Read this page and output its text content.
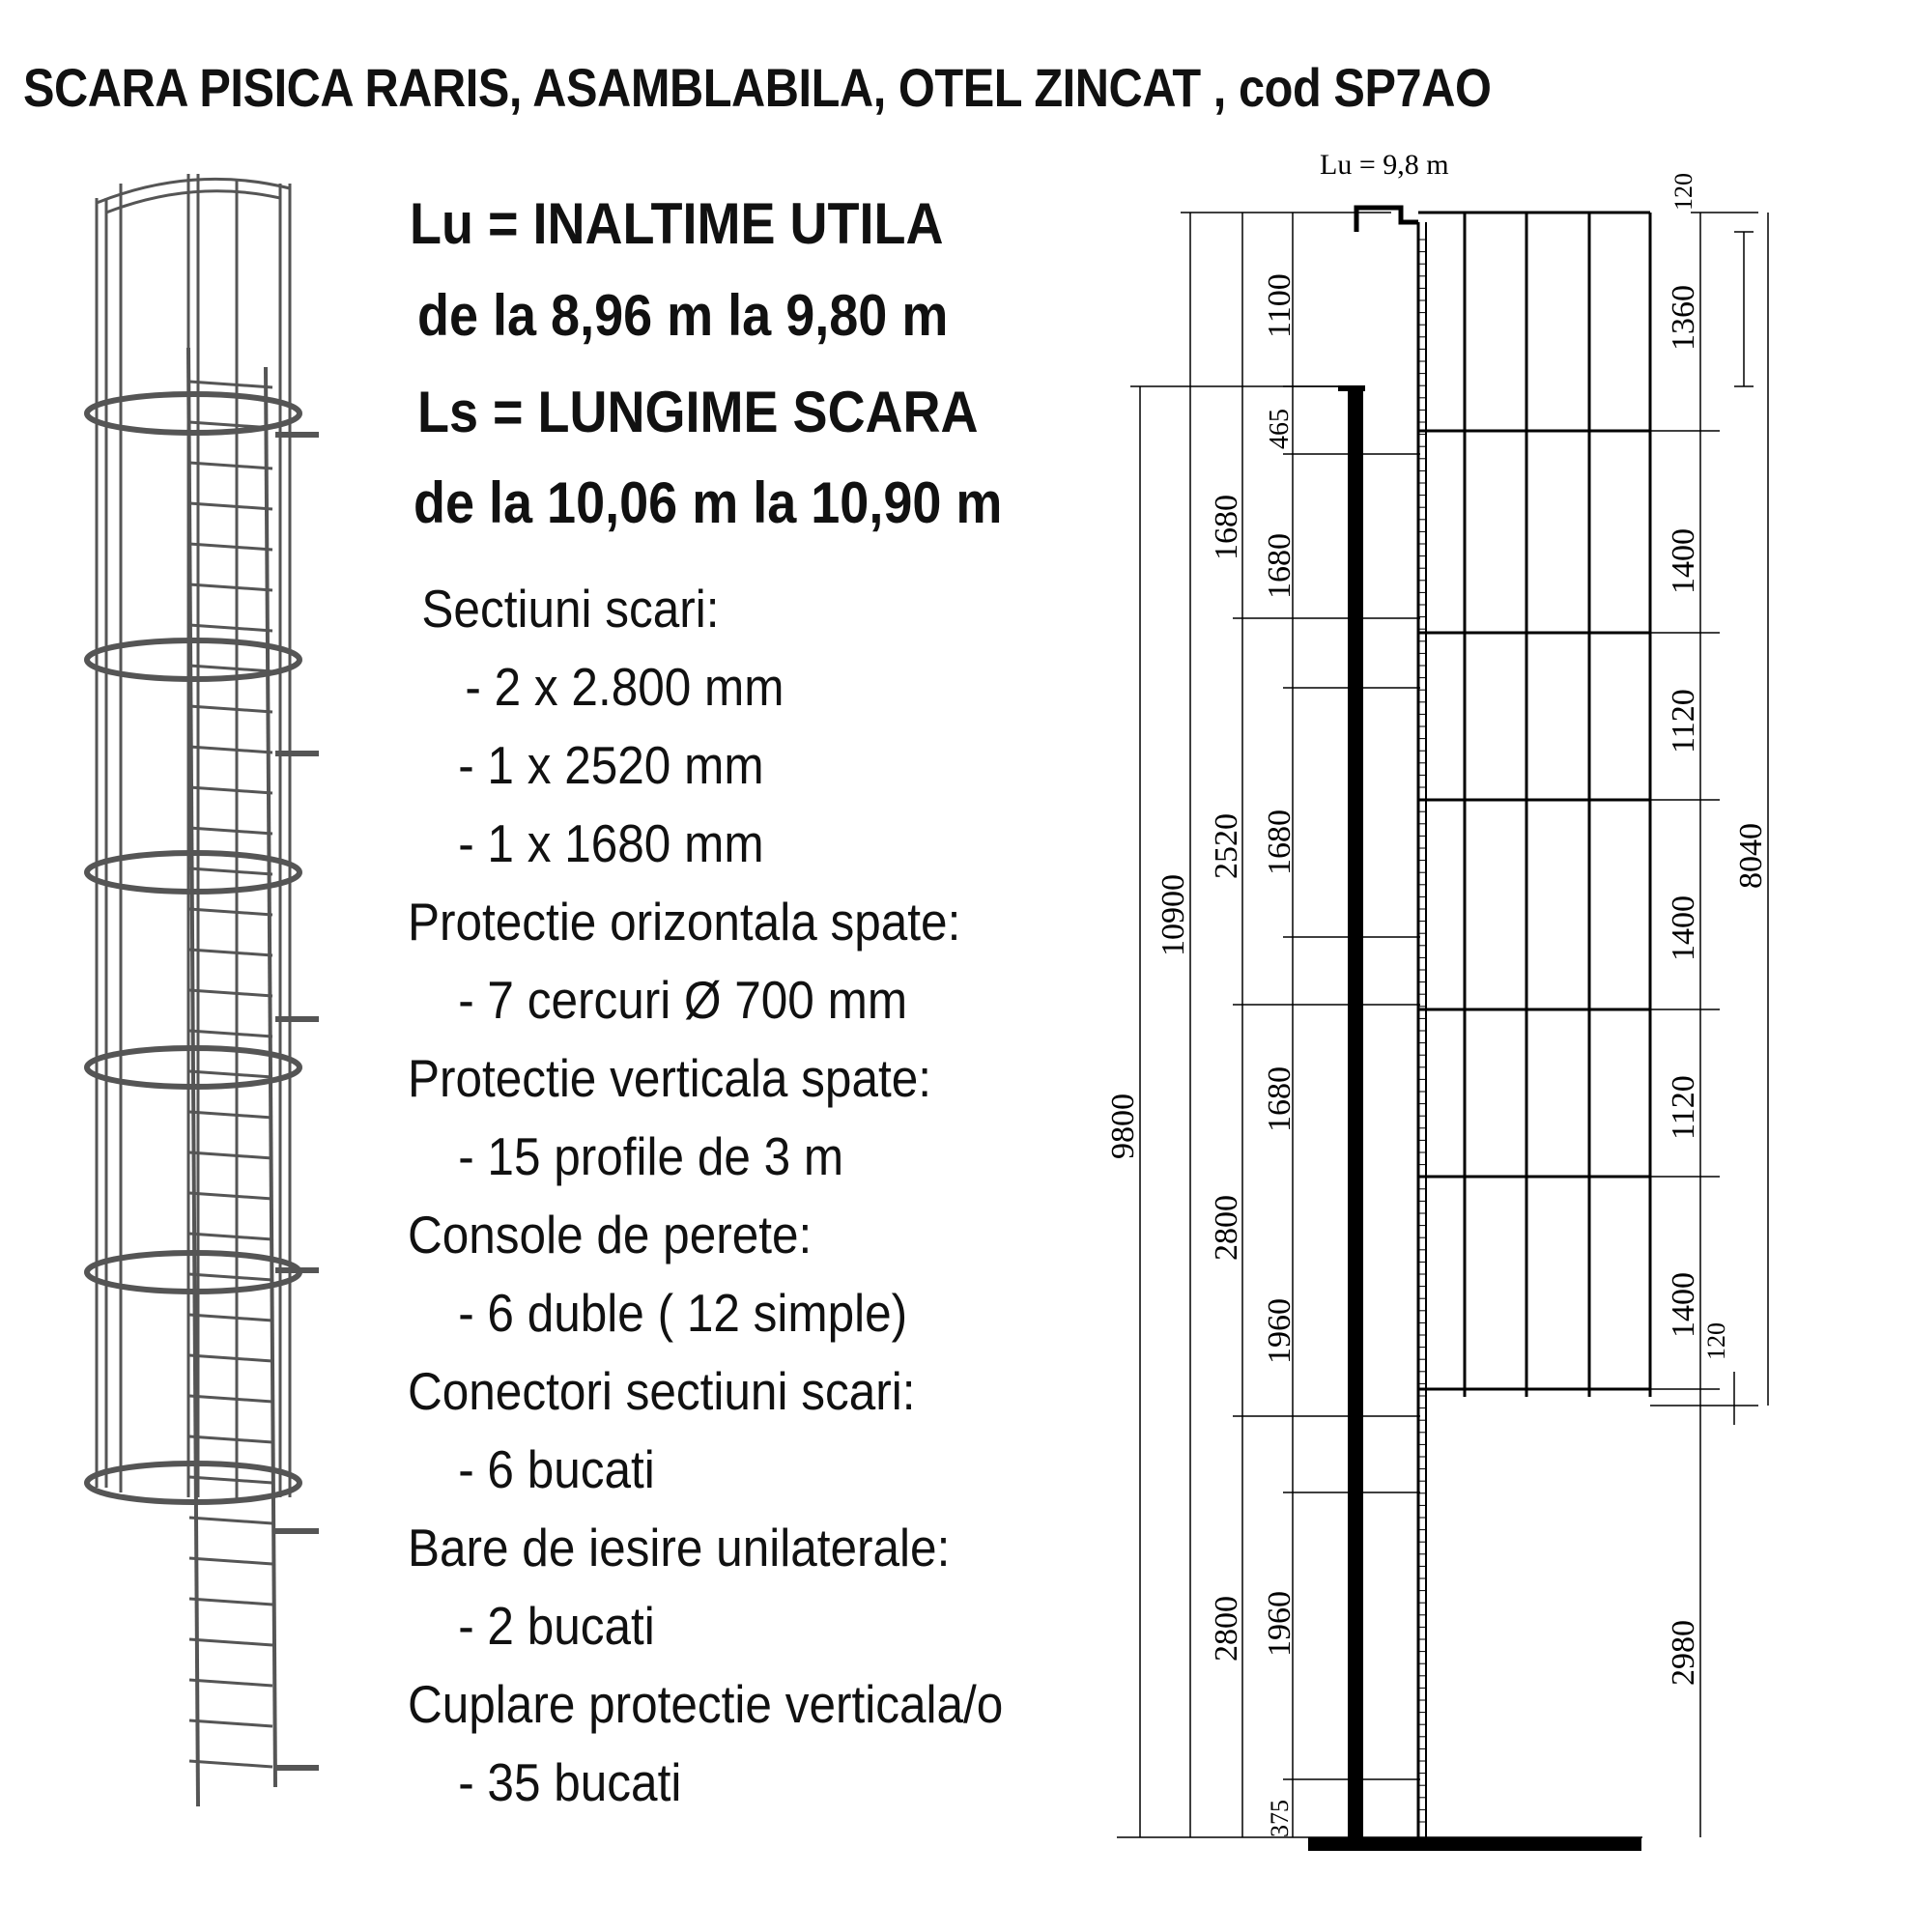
SCARA PISICA RARIS, ASAMBLABILA, OTEL ZINCAT , cod SP7AO
Lu = INALTIME UTILA
de la 8,96 m la 9,80 m
Ls = LUNGIME SCARA
de la 10,06 m la 10,90 m
Sectiuni scari:
- 2 x 2.800 mm
- 1 x 2520 mm
- 1 x 1680 mm
Protectie orizontala spate:
- 7 cercuri Ø 700 mm
Protectie verticala spate:
- 15 profile de 3 m
Console de perete:
- 6 duble ( 12 simple)
Conectori sectiuni scari:
- 6 bucati
Bare de iesire unilaterale:
- 2 bucati
Cuplare protectie verticala/o
- 35 bucati
Lu = 9,8 m
9800
10900
1680
2520
2800
2800
1100
465
1680
1680
1680
1960
1960
375
120
1360
1400
1120
1400
1120
1400
120
8040
2980
